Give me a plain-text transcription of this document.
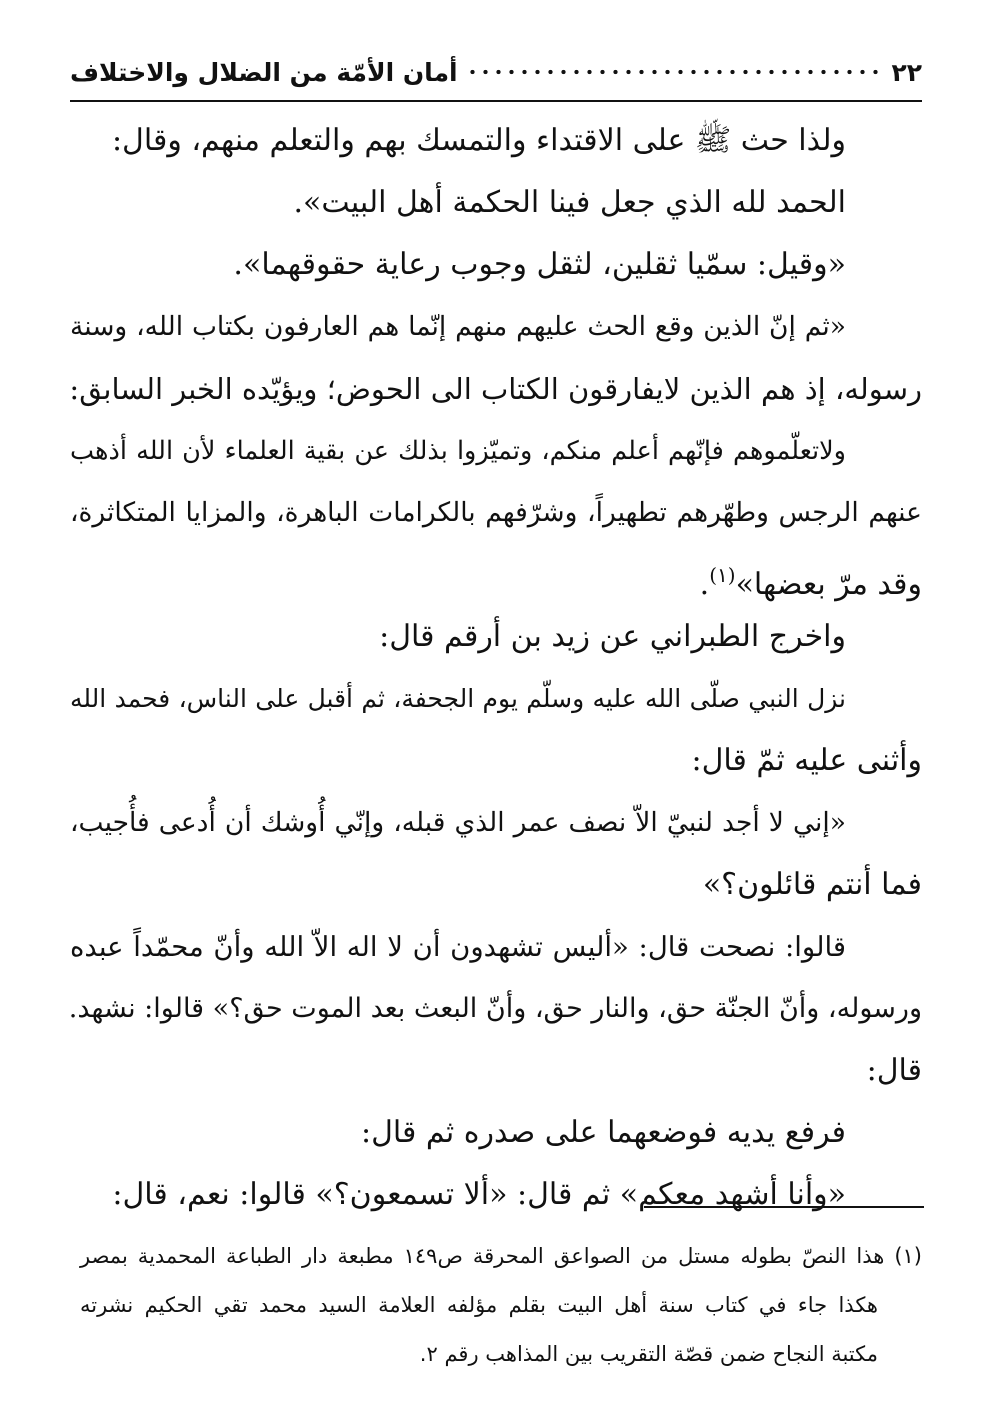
٢٢
أمان الأمّة من الضلال والاختلاف
ولذا حث ﷺ على الاقتداء والتمسك بهم والتعلم منهم، وقال:
الحمد لله الذي جعل فينا الحكمة أهل البيت».
«وقيل: سمّيا ثقلين، لثقل وجوب رعاية حقوقهما».
«ثم إنّ الذين وقع الحث عليهم منهم إنّما هم العارفون بكتاب الله، وسنة
رسوله، إذ هم الذين لايفارقون الكتاب الى الحوض؛ ويؤيّده الخبر السابق:
ولاتعلّموهم فإنّهم أعلم منكم، وتميّزوا بذلك عن بقية العلماء لأن الله أذهب
عنهم الرجس وطهّرهم تطهيراً، وشرّفهم بالكرامات الباهرة، والمزايا المتكاثرة،
وقد مرّ بعضها»$^{(١)}$.
واخرج الطبراني عن زيد بن أرقم قال:
نزل النبي صلّى الله عليه وسلّم يوم الجحفة، ثم أقبل على الناس، فحمد الله
وأثنى عليه ثمّ قال:
«إني لا أجد لنبيّ الاّ نصف عمر الذي قبله، وإنّي أُوشك أن أُدعى فأُجيب،
فما أنتم قائلون؟»
قالوا: نصحت قال: «أليس تشهدون أن لا اله الاّ الله وأنّ محمّداً عبده
ورسوله، وأنّ الجنّة حق، والنار حق، وأنّ البعث بعد الموت حق؟» قالوا: نشهد.
قال:
فرفع يديه فوضعهما على صدره ثم قال:
«وأنا أشهد معكم» ثم قال: «ألا تسمعون؟» قالوا: نعم، قال:
(١) هذا النصّ بطوله مستل من الصواعق المحرقة ص١٤٩ مطبعة دار الطباعة المحمدية بمصر
هكذا جاء في كتاب سنة أهل البيت بقلم مؤلفه العلامة السيد محمد تقي الحكيم نشرته
مكتبة النجاح ضمن قصّة التقريب بين المذاهب رقم ٢.
